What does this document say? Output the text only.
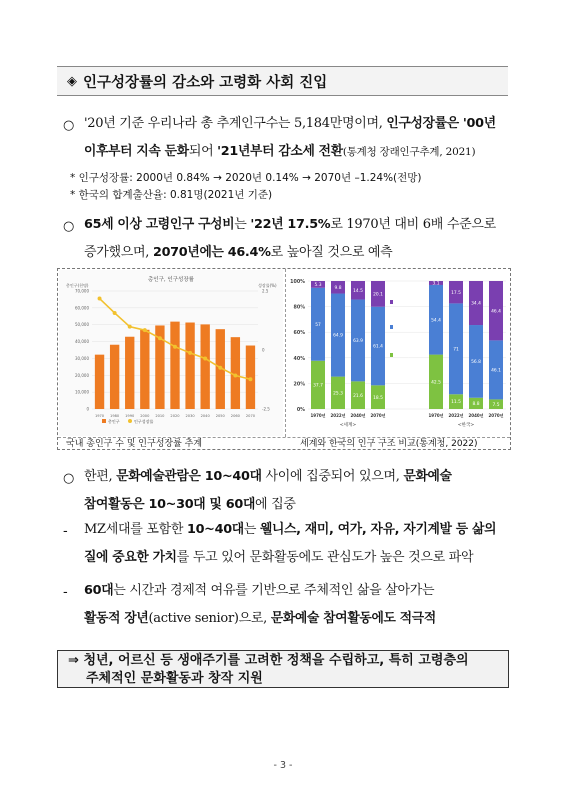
◈ 인구성장률의 감소와 고령화 사회 진입
○ '20년 기준 우리나라 총 추계인구수는 5,184만명이며, 인구성장률은 '00년
이후부터 지속 둔화되어 '21년부터 감소세 전환(통계청 장래인구추계, 2021)
* 인구성장률: 2000년 0.84% → 2020년 0.14% → 2070년 –1.24%(전망)
* 한국의 합계출산율: 0.81명(2021년 기준)
○ 65세 이상 고령인구 구성비는 '22년 17.5%로 1970년 대비 6배 수준으로
증가했으며, 2070년에는 46.4%로 높아질 것으로 예측
총인구, 인구성장률
총인구(천명)	성장률(%)
0
10,000
20,000
30,000
40,000
50,000
60,000
70,000	2.5
0
-2.5
1970 1980 1990 2000 2010 2020 2030 2040 2050 2060 2070
총인구	인구성장률
0%
20%
40%
60%
80%
100%
37.7
57
5.3
1970년
25.3
64.9
9.8
2022년
21.6
63.9
14.5
2040년
18.5
61.4
20.1
2070년
42.5
54.4
3.1
1970년
11.5
71
17.5
2022년
8.8
56.8
34.4
2040년
7.5
46.1
46.4
2070년
<세계>	<한국>
65세 이상
15-64세
0-14세
국내 총인구 수 및 인구성장률 추계	세계와 한국의 인구 구조 비교(통계청, 2022)
○ 한편, 문화예술관람은 10~40대 사이에 집중되어 있으며, 문화예술
참여활동은 10~30대 및 60대에 집중
- MZ세대를 포함한 10~40대는 웰니스, 재미, 여가, 자유, 자기계발 등 삶의
질에 중요한 가치를 두고 있어 문화활동에도 관심도가 높은 것으로 파악
- 60대는 시간과 경제적 여유를 기반으로 주체적인 삶을 살아가는
활동적 장년(active senior)으로, 문화예술 참여활동에도 적극적
⇒ 청년, 어르신 등 생애주기를 고려한 정책을 수립하고, 특히 고령층의
주체적인 문화활동과 창작 지원
- 3 -
